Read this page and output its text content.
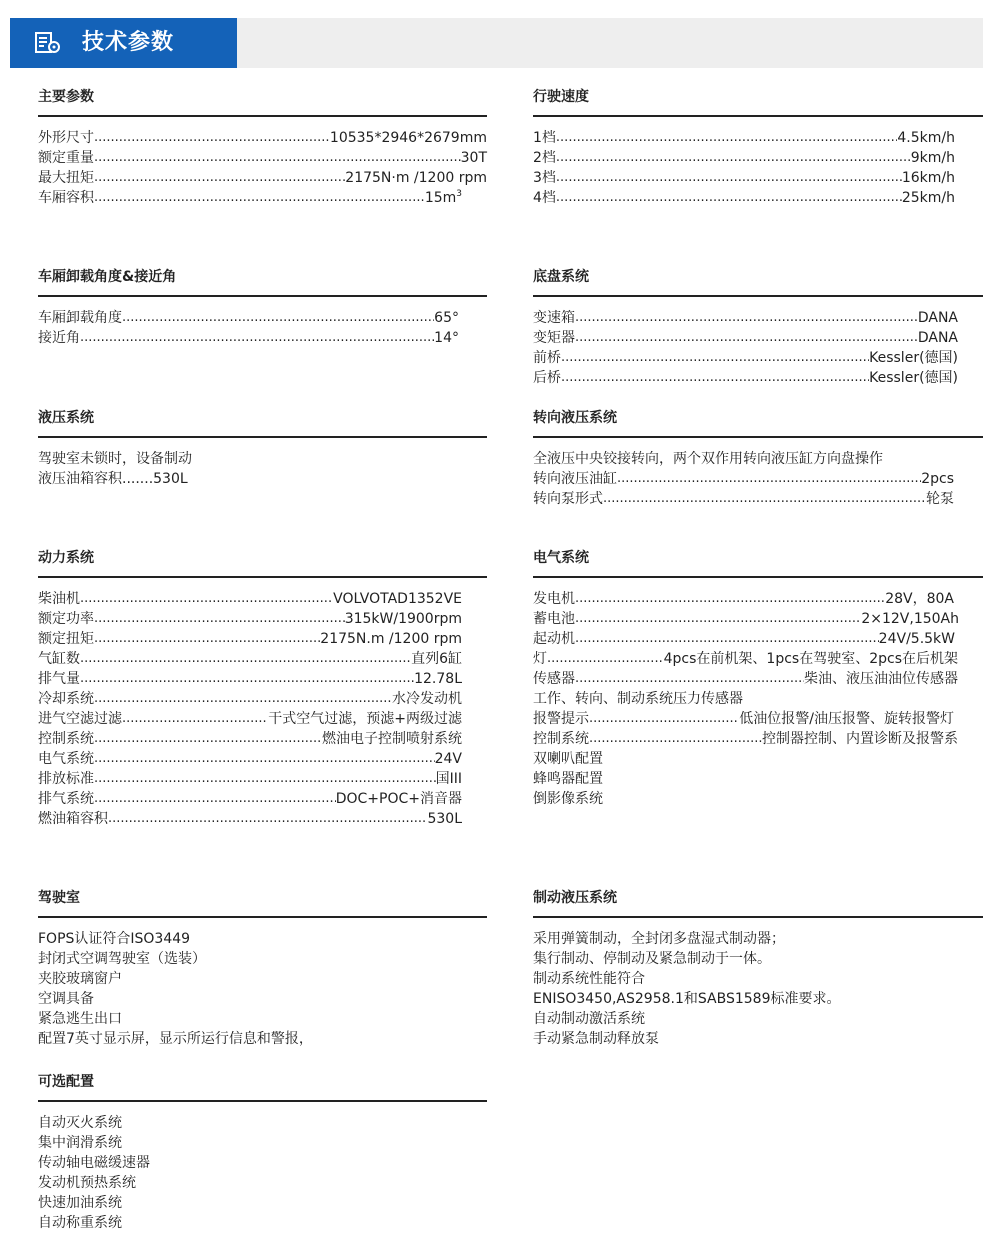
技术参数
主要参数
外形尺寸 .....	10535*2946*2679mm
额定重量 .....	30T
最大扭矩 .....	2175N·m /1200 rpm
车厢容积 .....	$15m^3$
行驶速度
1档 .....	4.5km/h
2档 .....	9km/h
3档 .....	16km/h
4档 .....	25km/h
车厢卸载角度&接近角
车厢卸载角度 .....	65°
接近角 .....	14°
底盘系统
变速箱 .....	DANA
变矩器 .....	DANA
前桥 .....	Kessler(德国)
后桥 .....	Kessler(德国)
液压系统
驾驶室未锁时，设备制动
液压油箱容积.......530L
转向液压系统
全液压中央铰接转向，两个双作用转向液压缸方向盘操作
转向液压油缸 .....	2pcs
转向泵形式 .....	轮泵
动力系统
柴油机 .....	VOLVOTAD1352VE
额定功率 .....	315kW/1900rpm
额定扭矩 .....	2175N.m /1200 rpm
气缸数 .....	直列6缸
排气量 .....	12.78L
冷却系统 .....	水冷发动机
进气空滤过滤 .....	干式空气过滤，预滤+两级过滤
控制系统 .....	燃油电子控制喷射系统
电气系统 .....	24V
排放标准 .....	国III
排气系统 .....	DOC+POC+消音器
燃油箱容积 .....	530L
电气系统
发电机 .....	28V，80A
蓄电池 .....	2×12V,150Ah
起动机 .....	24V/5.5kW
灯 .....	4pcs在前机架、1pcs在驾驶室、2pcs在后机架
传感器 .....	柴油、液压油油位传感器
工作、转向、制动系统压力传感器
报警提示 .....	低油位报警/油压报警、旋转报警灯
控制系统 .....	控制器控制、内置诊断及报警系
双喇叭配置
蜂鸣器配置
倒影像系统
驾驶室
FOPS认证符合ISO3449
封闭式空调驾驶室（选装）
夹胶玻璃窗户
空调具备
紧急逃生出口
配置7英寸显示屏，显示所运行信息和警报，
制动液压系统
采用弹簧制动，全封闭多盘湿式制动器；
集行制动、停制动及紧急制动于一体。
制动系统性能符合
ENISO3450,AS2958.1和SABS1589标准要求。
自动制动激活系统
手动紧急制动释放泵
可选配置
自动灭火系统
集中润滑系统
传动轴电磁缓速器
发动机预热系统
快速加油系统
自动称重系统
